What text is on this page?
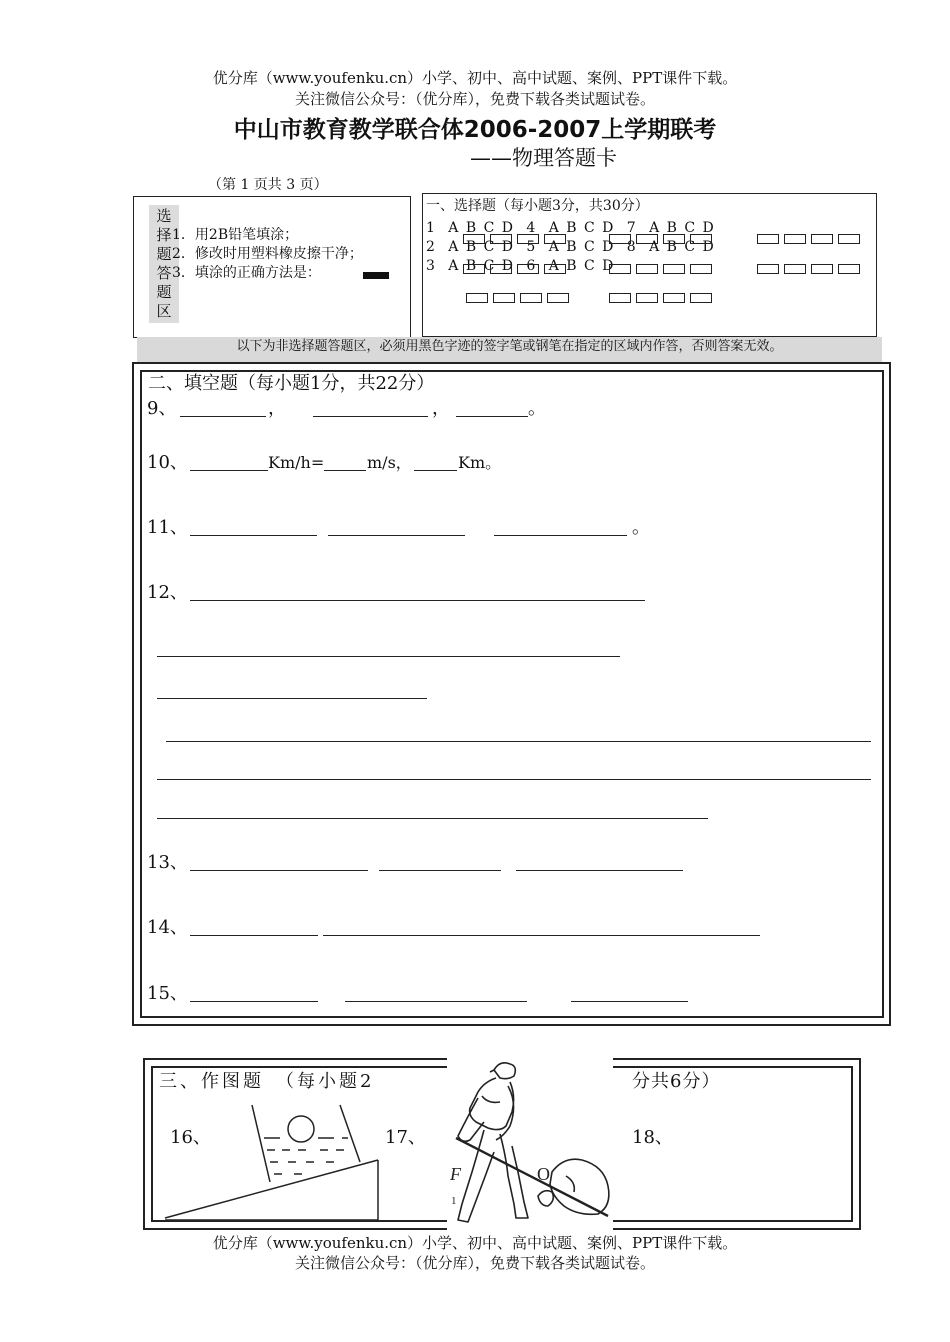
优分库（www.youfenku.cn）小学、初中、高中试题、案例、PPT课件下载。
关注微信公众号：（优分库），免费下载各类试题试卷。
中山市教育教学联合体2006-2007上学期联考
——物理答题卡
（第 1 页共 3 页）
选
择
题
答
题
区
1．用2B铅笔填涂；
2．修改时用塑料橡皮擦干净；
3．填涂的正确方法是：
一、选择题（每小题3分，共30分）
1  A B C D  4  A B C D  7  A B C D
2  A B C D  5  A B C D  8  A B C D
3  A B C D  6  A B C D
以下为非选择题答题区，必须用黑色字迹的签字笔或钢笔在指定的区域内作答，否则答案无效。
二、填空题（每小题1分，共22分）
9、	，	，	。
10、	Km/h=	m/s，	Km。
11、	。
12、
13、
14、
15、
三、作图题　（每小题2	分共6分）
16、	17、	18、
F
1
O
优分库（www.youfenku.cn）小学、初中、高中试题、案例、PPT课件下载。
关注微信公众号：（优分库），免费下载各类试题试卷。
